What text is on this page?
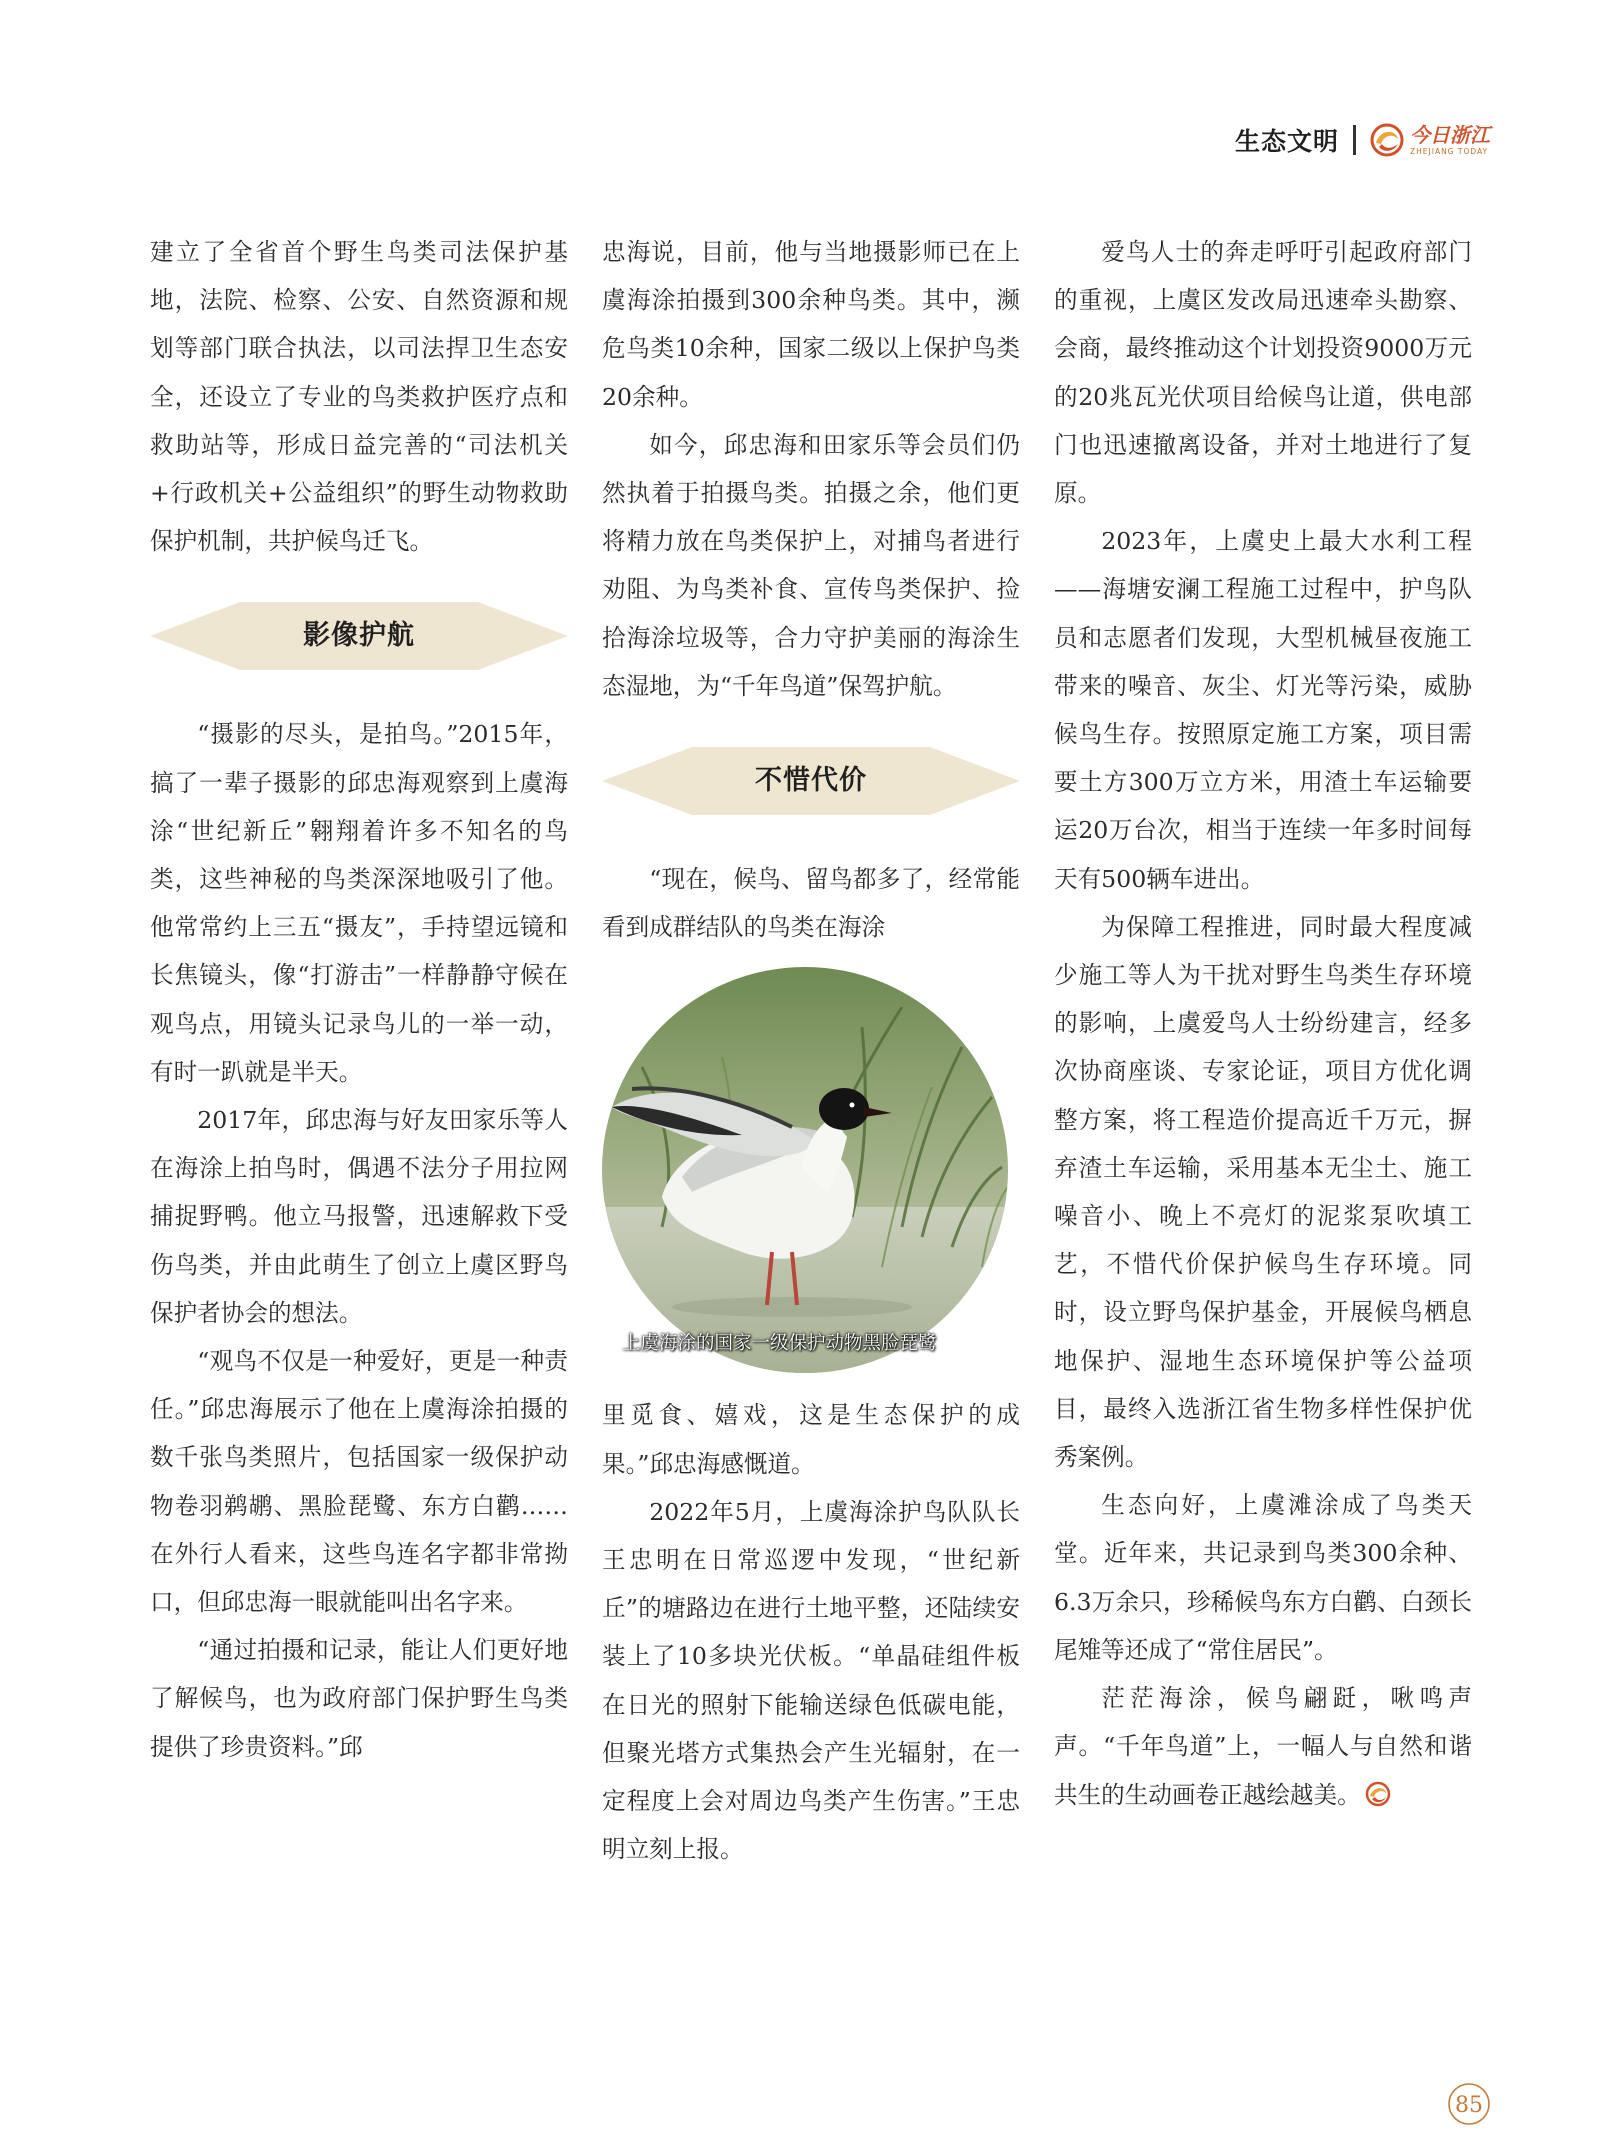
生态文明	今日浙江
ZHEJIANG TODAY

建立了全省首个野生鸟类司法保护基地，法院、检察、公安、自然资源和规划等部门联合执法，以司法捍卫生态安全，还设立了专业的鸟类救护医疗点和救助站等，形成日益完善的“司法机关+行政机关+公益组织”的野生动物救助保护机制，共护候鸟迁飞。

影像护航

“摄影的尽头，是拍鸟。”2015年，搞了一辈子摄影的邱忠海观察到上虞海涂“世纪新丘”翱翔着许多不知名的鸟类，这些神秘的鸟类深深地吸引了他。他常常约上三五“摄友”，手持望远镜和长焦镜头，像“打游击”一样静静守候在观鸟点，用镜头记录鸟儿的一举一动，有时一趴就是半天。

2017年，邱忠海与好友田家乐等人在海涂上拍鸟时，偶遇不法分子用拉网捕捉野鸭。他立马报警，迅速解救下受伤鸟类，并由此萌生了创立上虞区野鸟保护者协会的想法。

“观鸟不仅是一种爱好，更是一种责任。”邱忠海展示了他在上虞海涂拍摄的数千张鸟类照片，包括国家一级保护动物卷羽鹈鹕、黑脸琵鹭、东方白鹳……在外行人看来，这些鸟连名字都非常拗口，但邱忠海一眼就能叫出名字来。

“通过拍摄和记录，能让人们更好地了解候鸟，也为政府部门保护野生鸟类提供了珍贵资料。”邱

忠海说，目前，他与当地摄影师已在上虞海涂拍摄到300余种鸟类。其中，濒危鸟类10余种，国家二级以上保护鸟类20余种。

如今，邱忠海和田家乐等会员们仍然执着于拍摄鸟类。拍摄之余，他们更将精力放在鸟类保护上，对捕鸟者进行劝阻、为鸟类补食、宣传鸟类保护、捡拾海涂垃圾等，合力守护美丽的海涂生态湿地，为“千年鸟道”保驾护航。

不惜代价

“现在，候鸟、留鸟都多了，经常能看到成群结队的鸟类在海涂

上虞海涂的国家一级保护动物黑脸琵鹭

里觅食、嬉戏，这是生态保护的成果。”邱忠海感慨道。

2022年5月，上虞海涂护鸟队队长王忠明在日常巡逻中发现，“世纪新丘”的塘路边在进行土地平整，还陆续安装上了10多块光伏板。“单晶硅组件板在日光的照射下能输送绿色低碳电能，但聚光塔方式集热会产生光辐射，在一定程度上会对周边鸟类产生伤害。”王忠明立刻上报。

爱鸟人士的奔走呼吁引起政府部门的重视，上虞区发改局迅速牵头勘察、会商，最终推动这个计划投资9000万元的20兆瓦光伏项目给候鸟让道，供电部门也迅速撤离设备，并对土地进行了复原。

2023年，上虞史上最大水利工程——海塘安澜工程施工过程中，护鸟队员和志愿者们发现，大型机械昼夜施工带来的噪音、灰尘、灯光等污染，威胁候鸟生存。按照原定施工方案，项目需要土方300万立方米，用渣土车运输要运20万台次，相当于连续一年多时间每天有500辆车进出。

为保障工程推进，同时最大程度减少施工等人为干扰对野生鸟类生存环境的影响，上虞爱鸟人士纷纷建言，经多次协商座谈、专家论证，项目方优化调整方案，将工程造价提高近千万元，摒弃渣土车运输，采用基本无尘土、施工噪音小、晚上不亮灯的泥浆泵吹填工艺，不惜代价保护候鸟生存环境。同时，设立野鸟保护基金，开展候鸟栖息地保护、湿地生态环境保护等公益项目，最终入选浙江省生物多样性保护优秀案例。

生态向好，上虞滩涂成了鸟类天堂。近年来，共记录到鸟类300余种、6.3万余只，珍稀候鸟东方白鹳、白颈长尾雉等还成了“常住居民”。

茫茫海涂，候鸟翩跹，啾鸣声声。“千年鸟道”上，一幅人与自然和谐共生的生动画卷正越绘越美。

85
